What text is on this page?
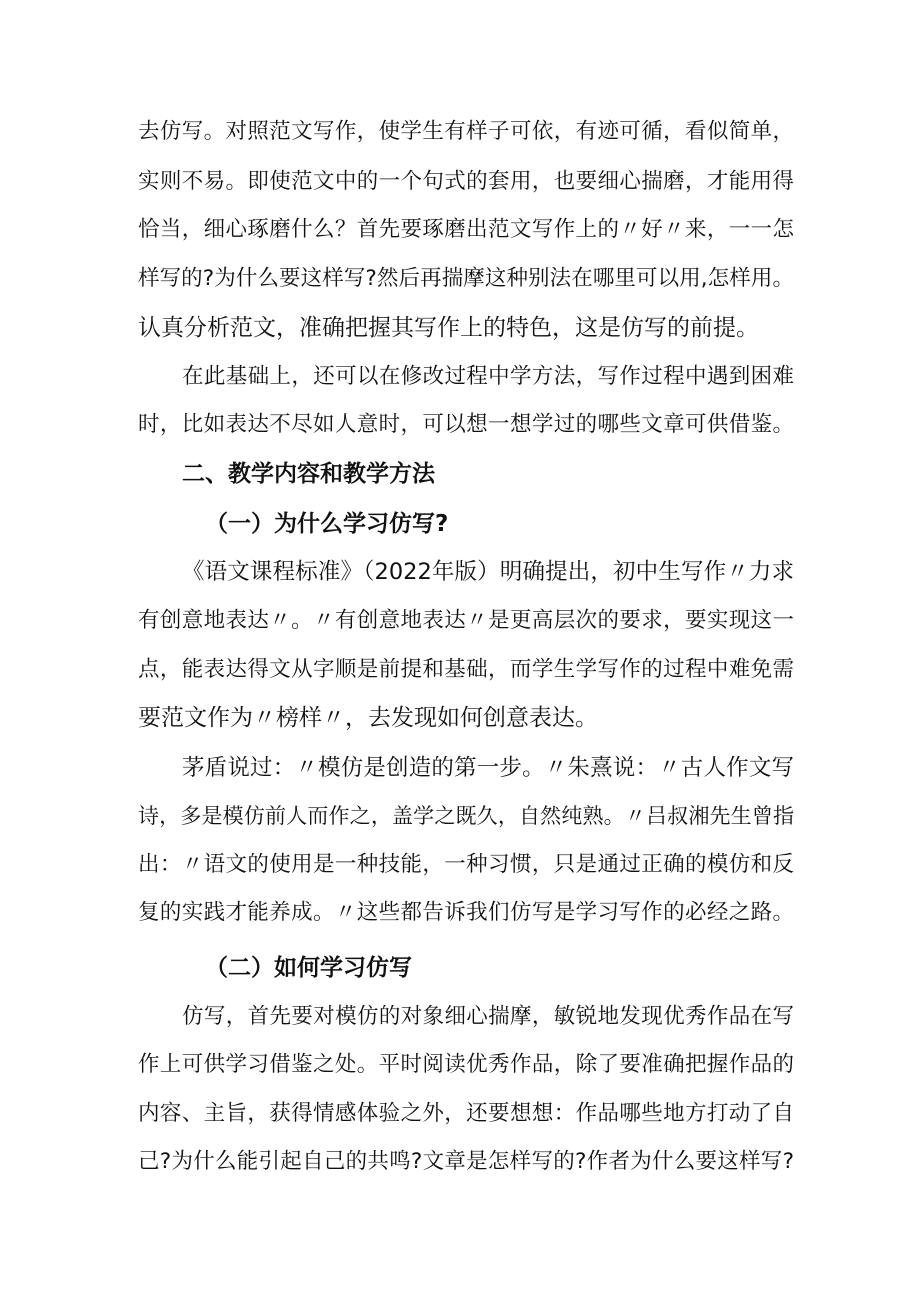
去仿写。对照范文写作，使学生有样子可依，有迹可循，看似简单，
实则不易。即使范文中的一个句式的套用，也要细心揣磨，才能用得
恰当，细心琢磨什么？首先要琢磨出范文写作上的〃好〃来，一一怎
样写的?为什么要这样写?然后再揣摩这种别法在哪里可以用,怎样用。
认真分析范文，准确把握其写作上的特色，这是仿写的前提。
在此基础上，还可以在修改过程中学方法，写作过程中遇到困难
时，比如表达不尽如人意时，可以想一想学过的哪些文章可供借鉴。
二、教学内容和教学方法
（一）为什么学习仿写?
《语文课程标准》（2022年版）明确提出，初中生写作〃力求
有创意地表达〃。〃有创意地表达〃是更高层次的要求，要实现这一
点，能表达得文从字顺是前提和基础，而学生学写作的过程中难免需
要范文作为〃榜样〃，去发现如何创意表达。
茅盾说过：〃模仿是创造的第一步。〃朱熹说：〃古人作文写
诗，多是模仿前人而作之，盖学之既久，自然纯熟。〃吕叔湘先生曾指
出：〃语文的使用是一种技能，一种习惯，只是通过正确的模仿和反
复的实践才能养成。〃这些都告诉我们仿写是学习写作的必经之路。
（二）如何学习仿写
仿写，首先要对模仿的对象细心揣摩，敏锐地发现优秀作品在写
作上可供学习借鉴之处。平时阅读优秀作品，除了要准确把握作品的
内容、主旨，获得情感体验之外，还要想想：作品哪些地方打动了自
己?为什么能引起自己的共鸣?文章是怎样写的?作者为什么要这样写?
